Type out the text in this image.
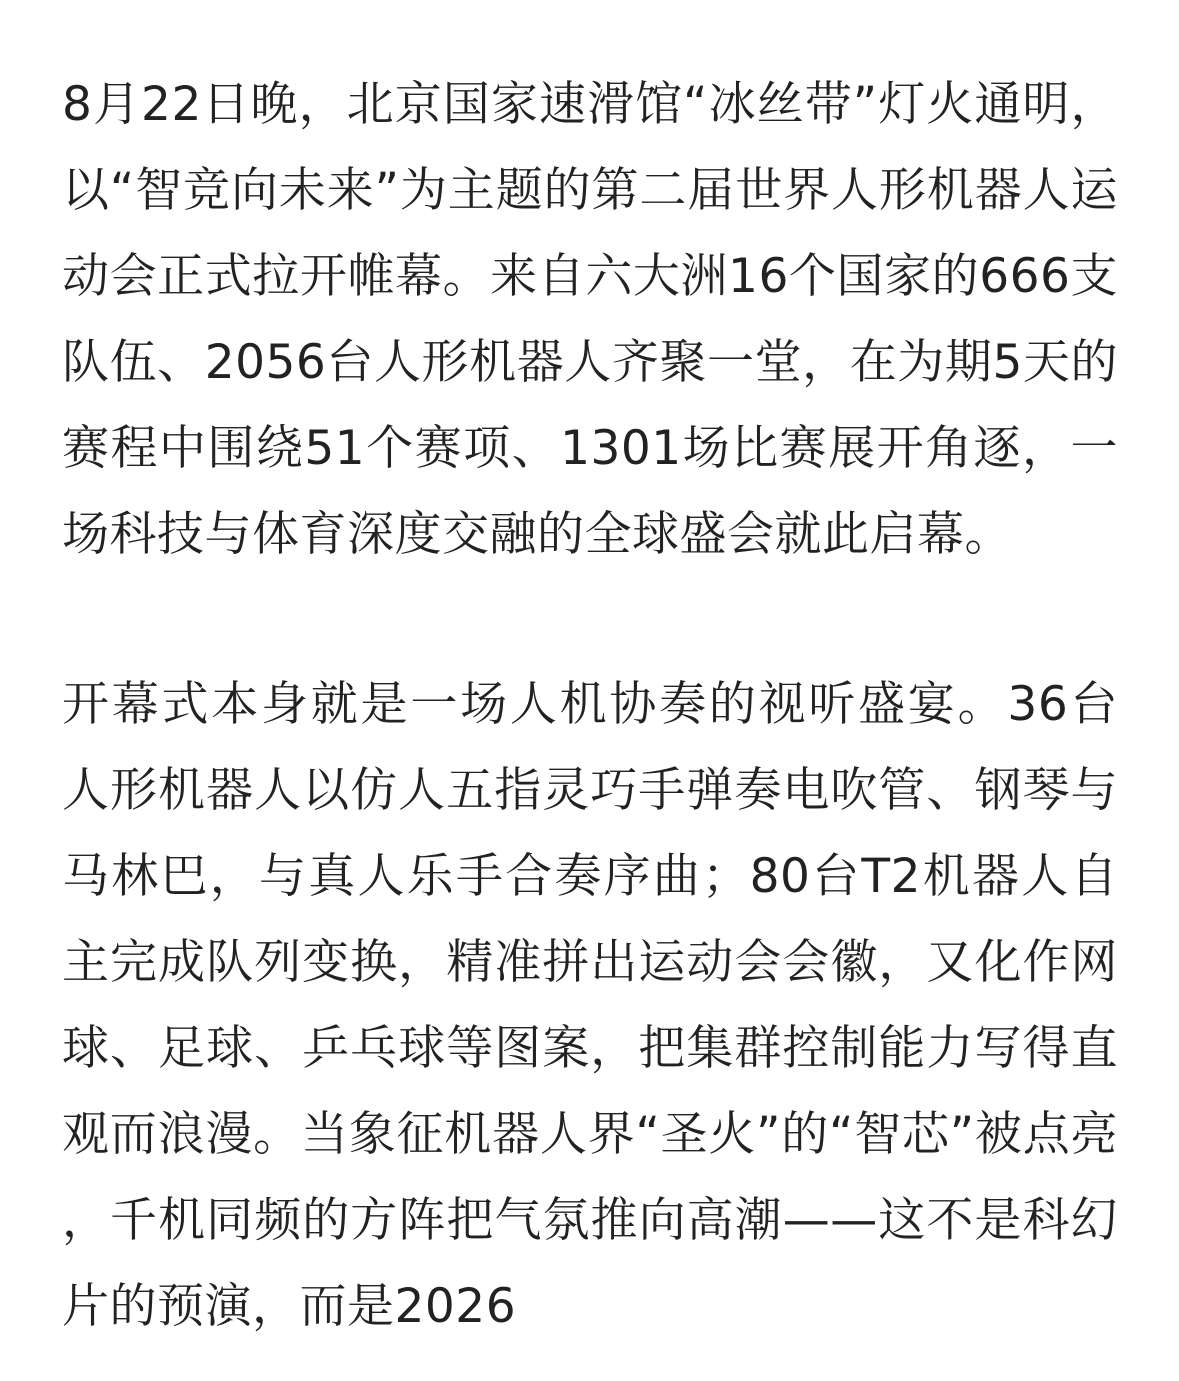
8月22日晚，北京国家速滑馆“冰丝带”灯火通明，以“智竞向未来”为主题的第二届世界人形机器人运动会正式拉开帷幕。来自六大洲16个国家的666支队伍、2056台人形机器人齐聚一堂，在为期5天的赛程中围绕51个赛项、1301场比赛展开角逐，一场科技与体育深度交融的全球盛会就此启幕。

开幕式本身就是一场人机协奏的视听盛宴。36台人形机器人以仿人五指灵巧手弹奏电吹管、钢琴与马林巴，与真人乐手合奏序曲；80台T2机器人自主完成队列变换，精准拼出运动会会徽，又化作网球、足球、乒乓球等图案，把集群控制能力写得直观而浪漫。当象征机器人界“圣火”的“智芯”被点亮，千机同频的方阵把气氛推向高潮——这不是科幻片的预演，而是2026
